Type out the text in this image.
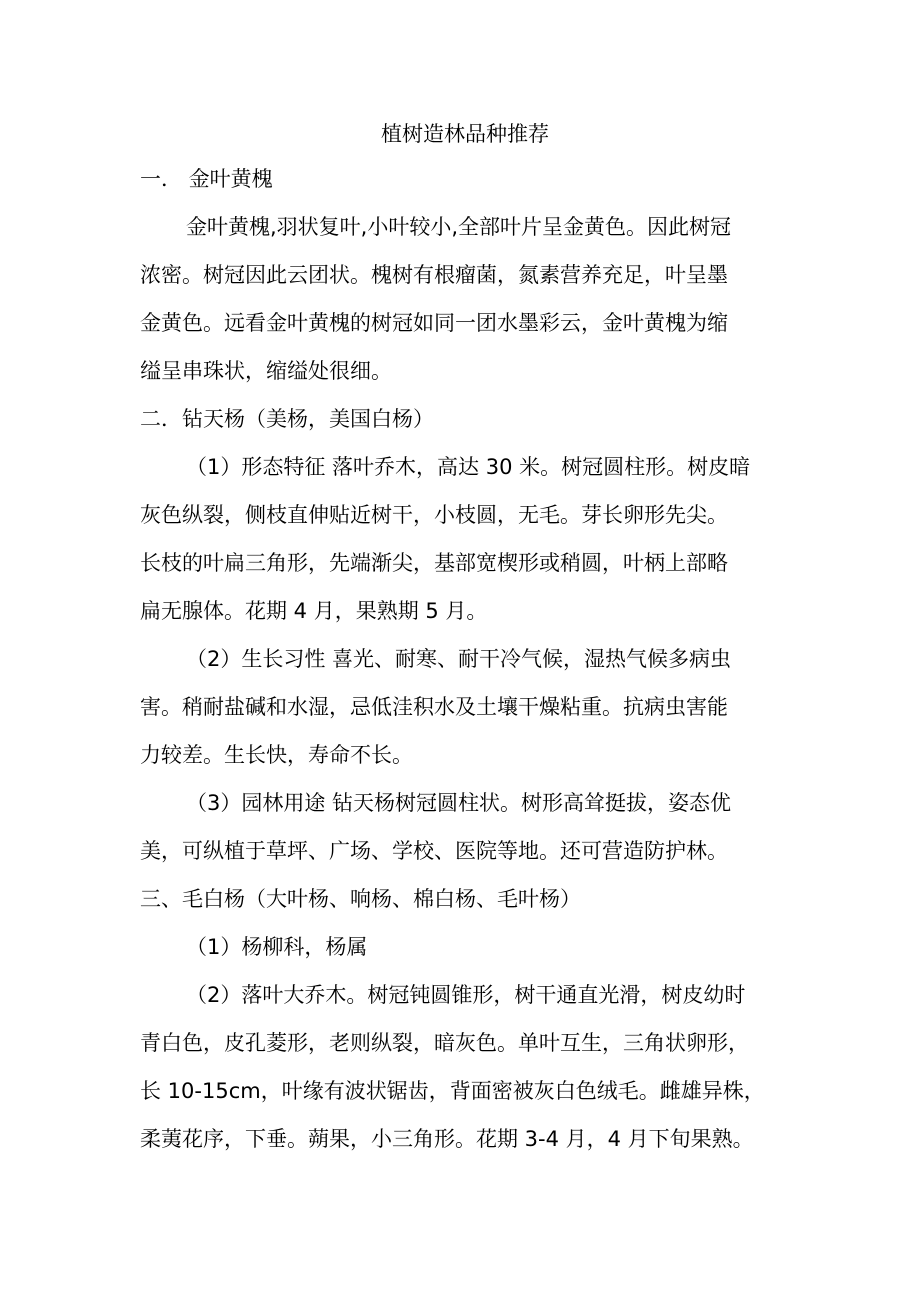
植树造林品种推荐
一． 金叶黄槐

金叶黄槐,羽状复叶,小叶较小,全部叶片呈金黄色。因此树冠
浓密。树冠因此云团状。槐树有根瘤菌，氮素营养充足，叶呈墨
金黄色。远看金叶黄槐的树冠如同一团水墨彩云，金叶黄槐为缩
缢呈串珠状，缩缢处很细。

二．钻天杨（美杨，美国白杨）

（1）形态特征 落叶乔木，高达 30 米。树冠圆柱形。树皮暗
灰色纵裂，侧枝直伸贴近树干，小枝圆，无毛。芽长卵形先尖。
长枝的叶扁三角形，先端渐尖，基部宽楔形或稍圆，叶柄上部略
扁无腺体。花期 4 月，果熟期 5 月。

（2）生长习性 喜光、耐寒、耐干冷气候，湿热气候多病虫
害。稍耐盐碱和水湿，忌低洼积水及土壤干燥粘重。抗病虫害能
力较差。生长快，寿命不长。

（3）园林用途 钻天杨树冠圆柱状。树形高耸挺拔，姿态优
美，可纵植于草坪、广场、学校、医院等地。还可营造防护林。

三、毛白杨（大叶杨、响杨、棉白杨、毛叶杨）

（1）杨柳科，杨属

（2）落叶大乔木。树冠钝圆锥形，树干通直光滑，树皮幼时
青白色，皮孔菱形，老则纵裂，暗灰色。单叶互生，三角状卵形，
长 10-15cm，叶缘有波状锯齿，背面密被灰白色绒毛。雌雄异株，
柔荑花序，下垂。蒴果，小三角形。花期 3-4 月，4 月下旬果熟。
